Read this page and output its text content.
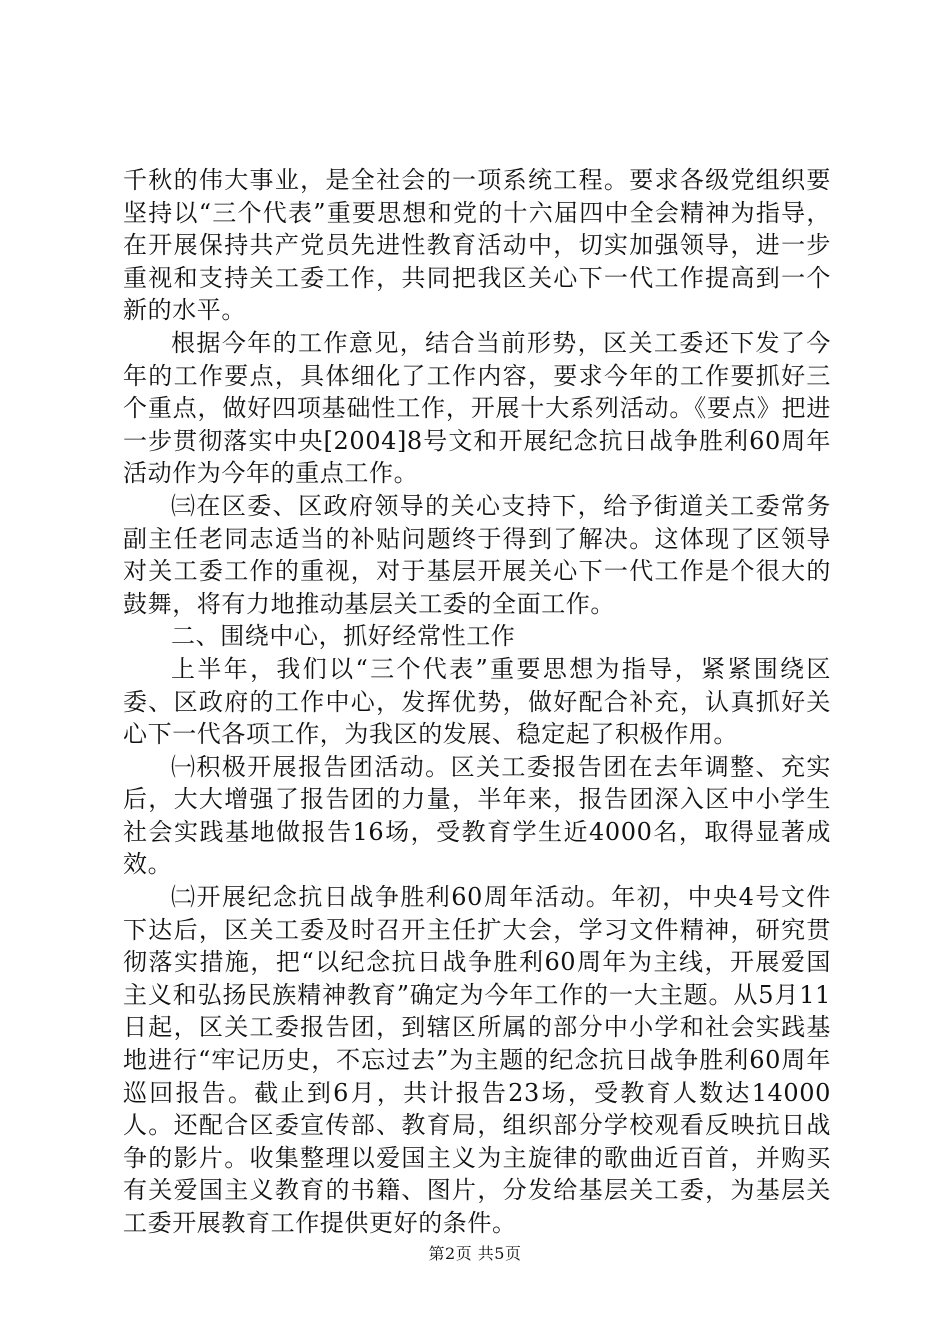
千秋的伟大事业，是全社会的一项系统工程。要求各级党组织要坚持以“三个代表”重要思想和党的十六届四中全会精神为指导，在开展保持共产党员先进性教育活动中，切实加强领导，进一步重视和支持关工委工作，共同把我区关心下一代工作提高到一个新的水平。

根据今年的工作意见，结合当前形势，区关工委还下发了今年的工作要点，具体细化了工作内容，要求今年的工作要抓好三个重点，做好四项基础性工作，开展十大系列活动。《要点》把进一步贯彻落实中央[2004]8号文和开展纪念抗日战争胜利60周年活动作为今年的重点工作。

㈢在区委、区政府领导的关心支持下，给予街道关工委常务副主任老同志适当的补贴问题终于得到了解决。这体现了区领导对关工委工作的重视，对于基层开展关心下一代工作是个很大的鼓舞，将有力地推动基层关工委的全面工作。

二、围绕中心，抓好经常性工作

上半年，我们以“三个代表”重要思想为指导，紧紧围绕区委、区政府的工作中心，发挥优势，做好配合补充，认真抓好关心下一代各项工作，为我区的发展、稳定起了积极作用。

㈠积极开展报告团活动。区关工委报告团在去年调整、充实后，大大增强了报告团的力量，半年来，报告团深入区中小学生社会实践基地做报告16场，受教育学生近4000名，取得显著成效。

㈡开展纪念抗日战争胜利60周年活动。年初，中央4号文件下达后，区关工委及时召开主任扩大会，学习文件精神，研究贯彻落实措施，把“以纪念抗日战争胜利60周年为主线，开展爱国主义和弘扬民族精神教育”确定为今年工作的一大主题。从5月11日起，区关工委报告团，到辖区所属的部分中小学和社会实践基地进行“牢记历史，不忘过去”为主题的纪念抗日战争胜利60周年巡回报告。截止到6月，共计报告23场，受教育人数达14000人。还配合区委宣传部、教育局，组织部分学校观看反映抗日战争的影片。收集整理以爱国主义为主旋律的歌曲近百首，并购买有关爱国主义教育的书籍、图片，分发给基层关工委，为基层关工委开展教育工作提供更好的条件。

第2页 共5页
